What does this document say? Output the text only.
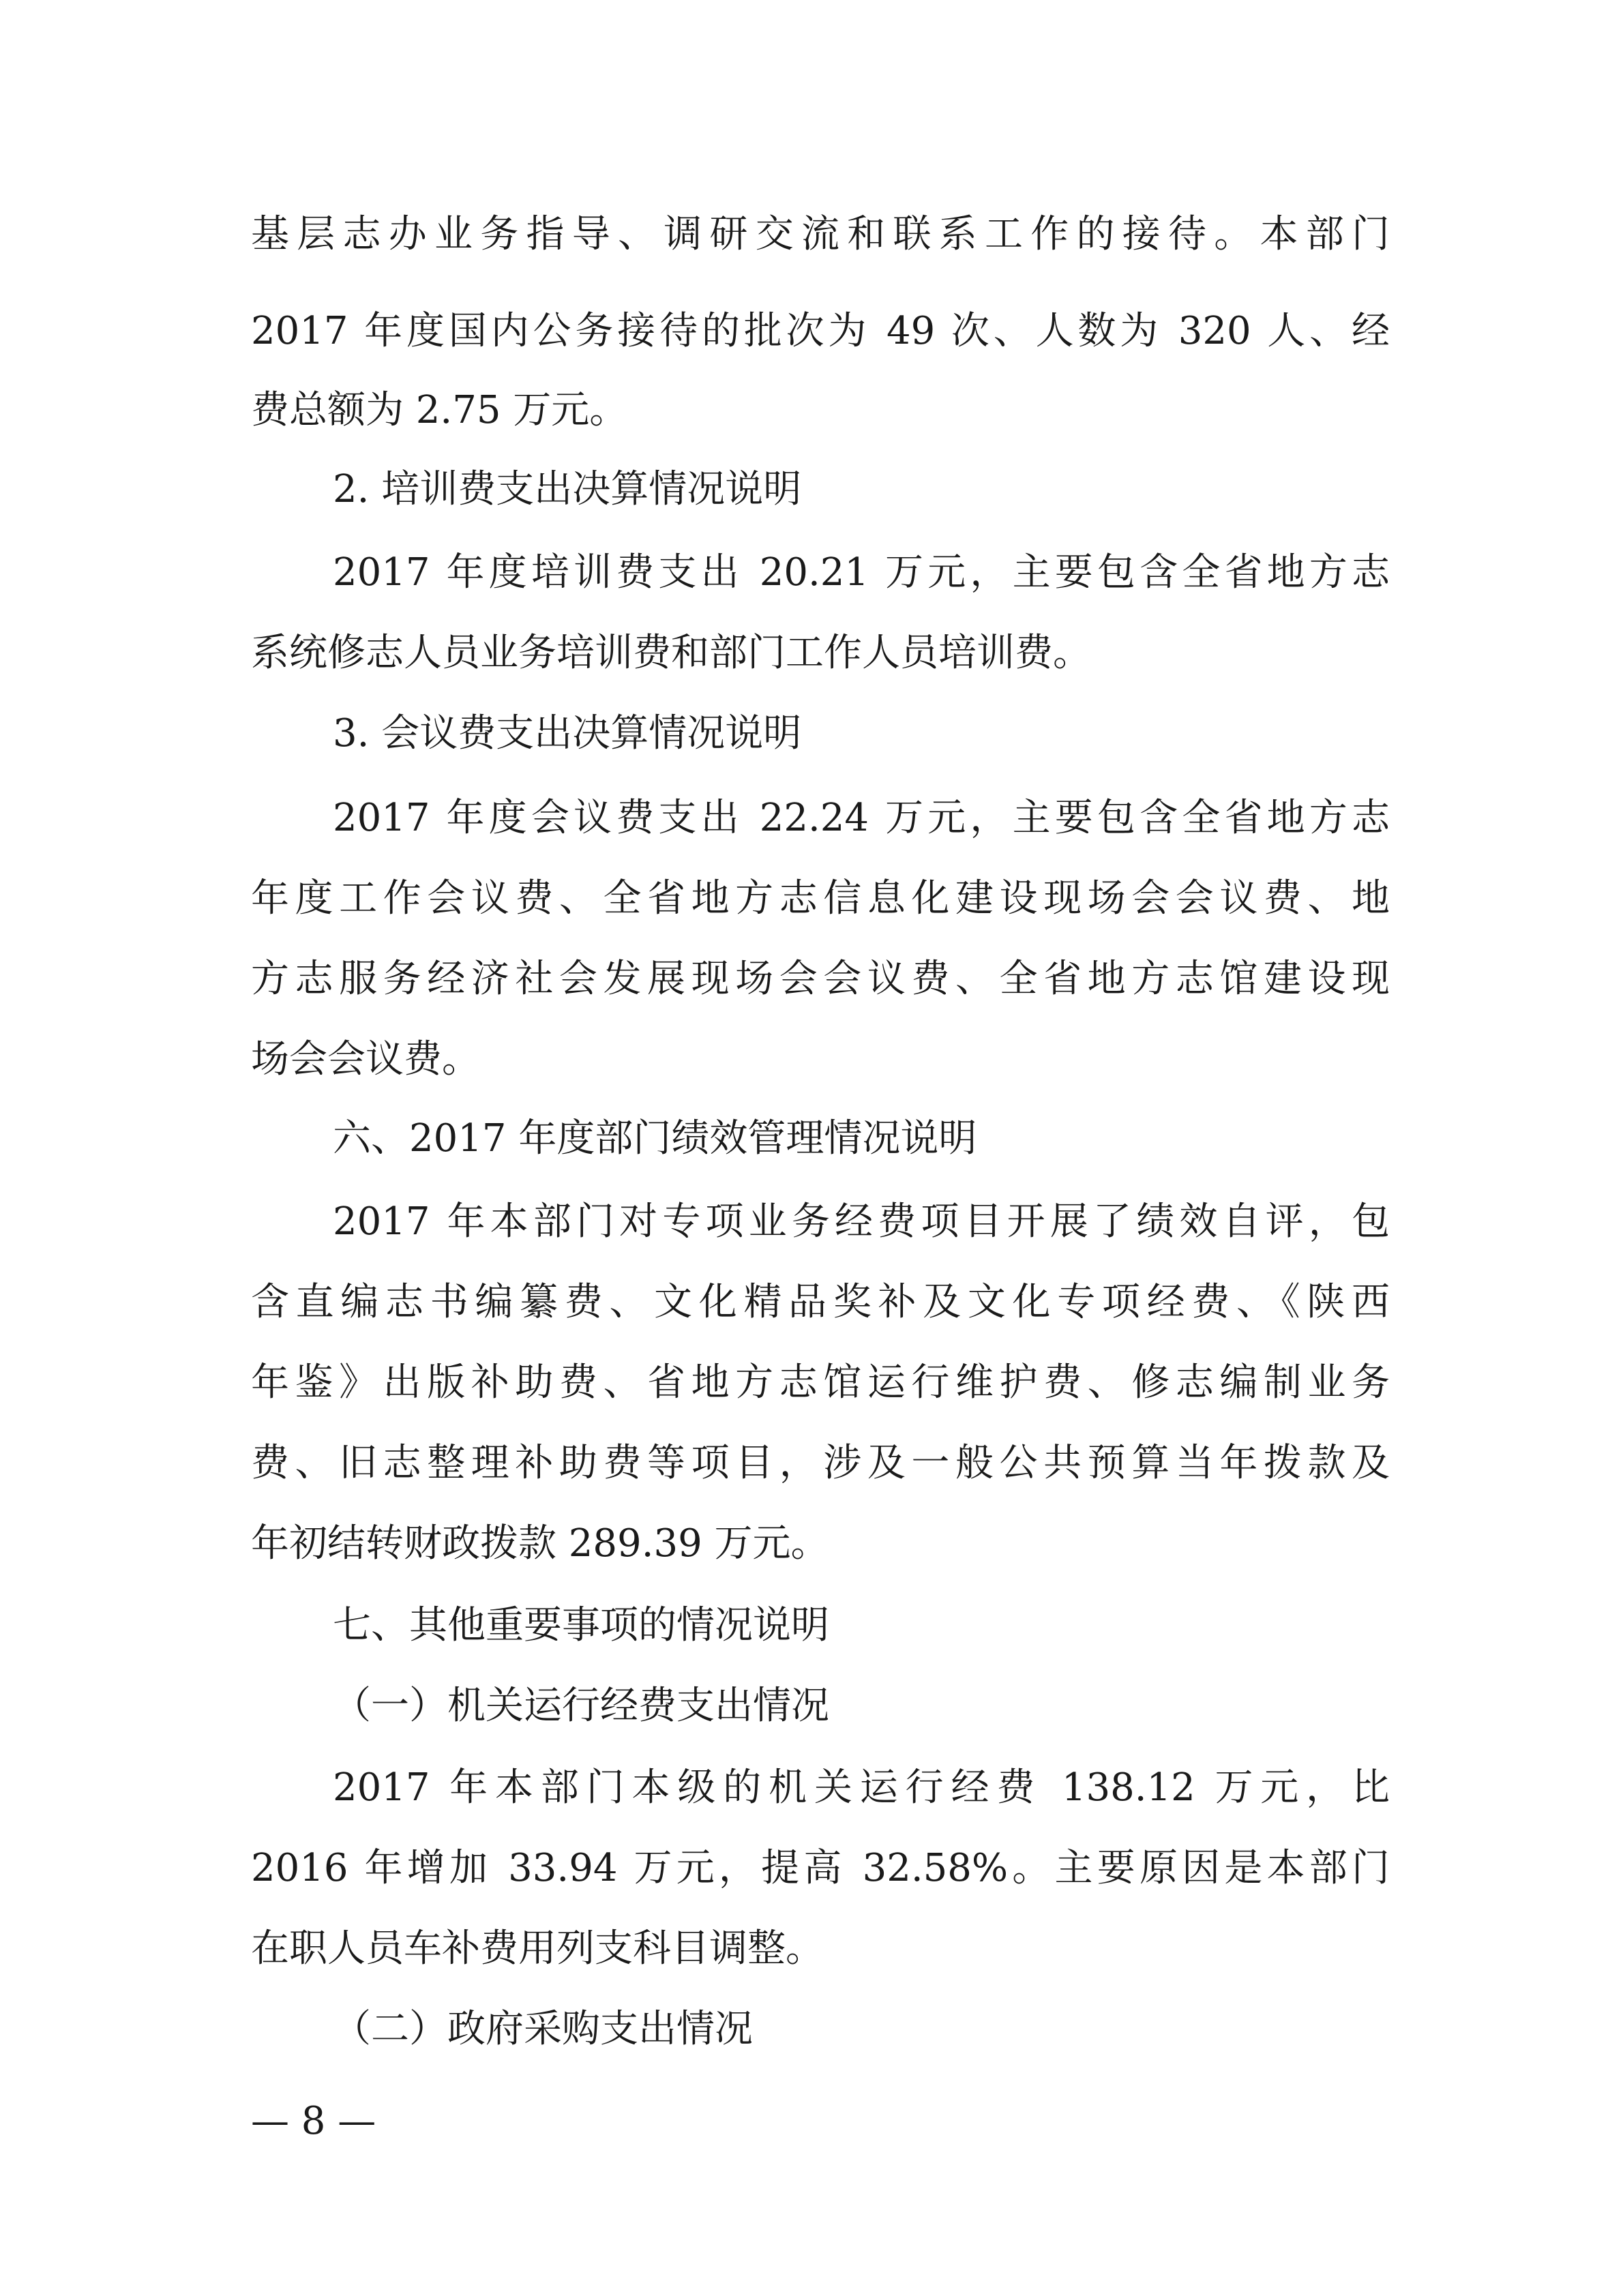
基层志办业务指导、调研交流和联系工作的接待。本部门
2017 年度国内公务接待的批次为 49 次、人数为 320 人、经
费总额为 2.75 万元。
2. 培训费支出决算情况说明
2017 年度培训费支出 20.21 万元，主要包含全省地方志
系统修志人员业务培训费和部门工作人员培训费。
3. 会议费支出决算情况说明
2017 年度会议费支出 22.24 万元，主要包含全省地方志
年度工作会议费、全省地方志信息化建设现场会会议费、地
方志服务经济社会发展现场会会议费、全省地方志馆建设现
场会会议费。
六、2017 年度部门绩效管理情况说明
2017 年本部门对专项业务经费项目开展了绩效自评，包
含直编志书编纂费、文化精品奖补及文化专项经费、《陕西
年鉴》出版补助费、省地方志馆运行维护费、修志编制业务
费、旧志整理补助费等项目，涉及一般公共预算当年拨款及
年初结转财政拨款 289.39 万元。
七、其他重要事项的情况说明
（一）机关运行经费支出情况
2017 年本部门本级的机关运行经费 138.12 万元，比
2016 年增加 33.94 万元，提高 32.58%。主要原因是本部门
在职人员车补费用列支科目调整。
（二）政府采购支出情况
— 8 —
